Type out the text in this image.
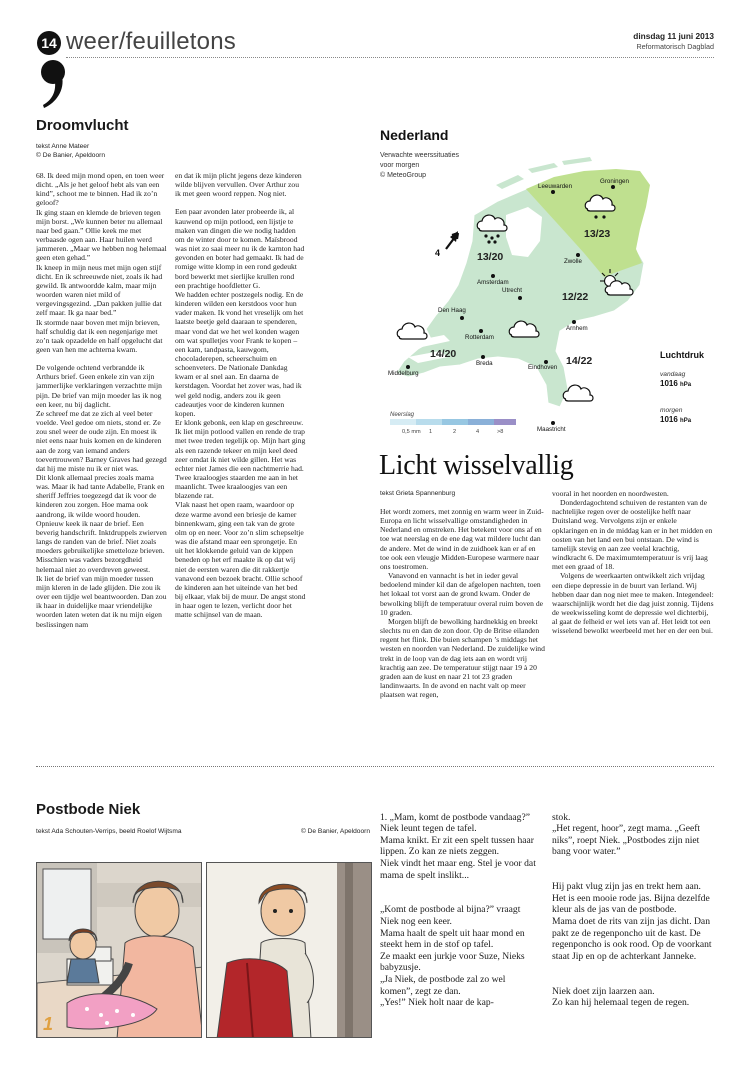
14 weer/feuilletons	dinsdag 11 juni 2013
Reformatorisch Dagblad
Droomvlucht
tekst Anne Mateer
© De Banier, Apeldoorn

68. Ik deed mijn mond open, en toen weer dicht. „Als je het geloof hebt als van een kind”, schoot me te binnen. Had ik zo’n geloof?

Ik ging staan en klemde de brieven tegen mijn borst. „We kunnen beter nu allemaal naar bed gaan.” Ollie keek me met verbaasde ogen aan. Haar huilen werd jammeren. „Maar we hebben nog helemaal geen eten gehad.”

Ik kneep in mijn neus met mijn ogen stijf dicht. En ik schreeuwde niet, zoals ik had gewild. Ik antwoordde kalm, maar mijn woorden waren niet mild of vergevingsgezind. „Dan pakken jullie dat zelf maar. Ik ga naar bed.”

Ik stormde naar boven met mijn brieven, half schuldig dat ik een negenjarige met zo’n taak opzadelde en half opgelucht dat geen van hen me achterna kwam.

De volgende ochtend verbrandde ik Arthurs brief. Geen enkele zin van zijn jammerlijke verklaringen verzachtte mijn pijn. De brief van mijn moeder las ik nog een keer, nu bij daglicht.

Ze schreef me dat ze zich al veel beter voelde. Veel gedoe om niets, stond er. Ze zou snel weer de oude zijn. En moest ik niet eens naar huis komen en de kinderen aan de zorg van iemand anders toevertrouwen? Barney Graves had gezegd dat hij me miste nu ik er niet was.

Dit klonk allemaal precies zoals mama was. Maar ik had tante Adabelle, Frank en sheriff Jeffries toegezegd dat ik voor de kinderen zou zorgen. Hoe mama ook aandrong, ik wilde woord houden.

Opnieuw keek ik naar de brief. Een beverig handschrift. Inktdruppels zwierven langs de randen van de brief. Niet zoals moeders gebruikelijke smetteloze brieven. Misschien was vaders bezorgdheid helemaal niet zo overdreven geweest.

Ik liet de brief van mijn moeder tussen mijn kleren in de lade glijden. Die zou ik over een tijdje wel beantwoorden. Dan zou ik haar in duidelijke maar vriendelijke woorden laten weten dat ik nu mijn eigen beslissingen nam

en dat ik mijn plicht jegens deze kinderen wilde blijven vervullen. Over Arthur zou ik met geen woord reppen. Nog niet.

Een paar avonden later probeerde ik, al kauwend op mijn potlood, een lijstje te maken van dingen die we nodig hadden om de winter door te komen. Maïsbrood was niet zo saai meer nu ik de karnton had gevonden en boter had gemaakt. Ik had de romige witte klomp in een rond gedeukt bord bewerkt met sierlijke krullen rond een prachtige hoofdletter G.

We hadden echter postzegels nodig. En de kinderen wilden een kerstdoos voor hun vader maken. Ik vond het vreselijk om het laatste beetje geld daaraan te spenderen, maar vond dat we het wel konden wagen om wat spulletjes voor Frank te kopen – een kam, tandpasta, kauwgom, chocoladerepen, scheerschuim en schoenveters. De Nationale Dankdag kwam er al snel aan. En daarna de kerstdagen. Voordat het zover was, had ik wel geld nodig, anders zou ik geen cadeautjes voor de kinderen kunnen kopen.

Er klonk gebonk, een klap en geschreeuw.

Ik liet mijn potlood vallen en rende de trap met twee treden tegelijk op. Mijn hart ging als een razende tekeer en mijn keel deed zeer omdat ik niet wilde gillen. Het was echter niet James die een nachtmerrie had. Twee kraaloogjes staarden me aan in het maanlicht. Twee kraaloogjes van een blazende rat.

Vlak naast het open raam, waardoor op deze warme avond een briesje de kamer binnenkwam, ging een tak van de grote olm op en neer. Voor zo’n slim schepseltje was die afstand maar een sprongetje. En uit het klokkende geluid van de kippen beneden op het erf maakte ik op dat wij niet de eersten waren die dit rakkertje vanavond een bezoek bracht. Ollie schoof de kinderen aan het uiteinde van het bed bij elkaar, vlak bij de muur. De angst stond in haar ogen te lezen, verlicht door het matte schijnsel van de maan.

Nederland
Verwachte weerssituaties
voor morgen
© MeteoGroup
Leeuwarden
Groningen
Zwolle
Amsterdam
Den Haag
Utrecht
Rotterdam
Arnhem
Middelburg
Breda
Eindhoven
Maastricht
13/20
13/23
12/22
14/20
14/22
4
Neerslag
0,5 mm 1	2	4	>8
Luchtdruk
vandaag
1016 hPa
morgen
1016 hPa
Licht wisselvallig
tekst Grieta Spannenburg

Het wordt zomers, met zonnig en warm weer in Zuid-Europa en licht wisselvallige omstandigheden in Nederland en omstreken. Het betekent voor ons af en toe wat neerslag en de ene dag wat mildere lucht dan de andere. Met de wind in de zuidhoek kan er af en toe ook een vleugje Midden-Europese warmere naar ons toestromen.

Vanavond en vannacht is het in ieder geval bedoelend minder kil dan de afgelopen nachten, toen het lokaal tot vorst aan de grond kwam. Onder de bewolking blijft de temperatuur overal ruim boven de 10 graden.

Morgen blijft de bewolking hardnekkig en breekt slechts nu en dan de zon door. Op de Britse eilanden regent het flink. Die buien schampen ’s middags het westen en noorden van Nederland. De zuidelijke wind trekt in de loop van de dag iets aan en wordt vrij krachtig aan zee. De temperatuur stijgt naar 19 à 20 graden aan de kust en naar 21 tot 23 graden landinwaarts. In de avond en nacht valt op meer plaatsen wat regen,

vooral in het noorden en noordwesten.

Donderdagochtend schuiven de restanten van de nachtelijke regen over de oostelijke helft naar Duitsland weg. Vervolgens zijn er enkele opklaringen en in de middag kan er in het midden en oosten van het land een bui ontstaan. De wind is tamelijk stevig en aan zee veelal krachtig, windkracht 6. De maximumtemperatuur is vrij laag met een graad of 18.

Volgens de weerkaarten ontwikkelt zich vrijdag een diepe depressie in de buurt van Ierland. Wij hebben daar dan nog niet mee te maken. Integendeel: waarschijnlijk wordt het die dag juist zonnig. Tijdens de weekwisseling komt de depressie wel dichterbij, al gaat de felheid er wel iets van af. Het leidt tot een wisselend bewolkt weerbeeld met her en der een bui.

Postbode Niek
tekst Ada Schouten-Verrips, beeld Roelof Wijtsma	© De Banier, Apeldoorn
1

1. „Mam, komt de postbode vandaag?” Niek leunt tegen de tafel.
Mama knikt. Er zit een spelt tussen haar lippen. Zo kan ze niets zeggen.
Niek vindt het maar eng. Stel je voor dat mama de spelt inslikt...

„Komt de postbode al bijna?” vraagt Niek nog een keer.
Mama haalt de spelt uit haar mond en steekt hem in de stof op tafel.
Ze maakt een jurkje voor Suze, Nieks babyzusje.
„Ja Niek, de postbode zal zo wel komen”, zegt ze dan.
„Yes!” Niek holt naar de kap-

stok.
„Het regent, hoor”, zegt mama. „Geeft niks”, roept Niek. „Postbodes zijn niet bang voor water.”

Hij pakt vlug zijn jas en trekt hem aan. Het is een mooie rode jas. Bijna dezelfde kleur als de jas van de postbode.
Mama doet de rits van zijn jas dicht. Dan pakt ze de regenponcho uit de kast. De regenponcho is ook rood. Op de voorkant staat Jip en op de achterkant Janneke.

Niek doet zijn laarzen aan.
Zo kan hij helemaal tegen de regen.
